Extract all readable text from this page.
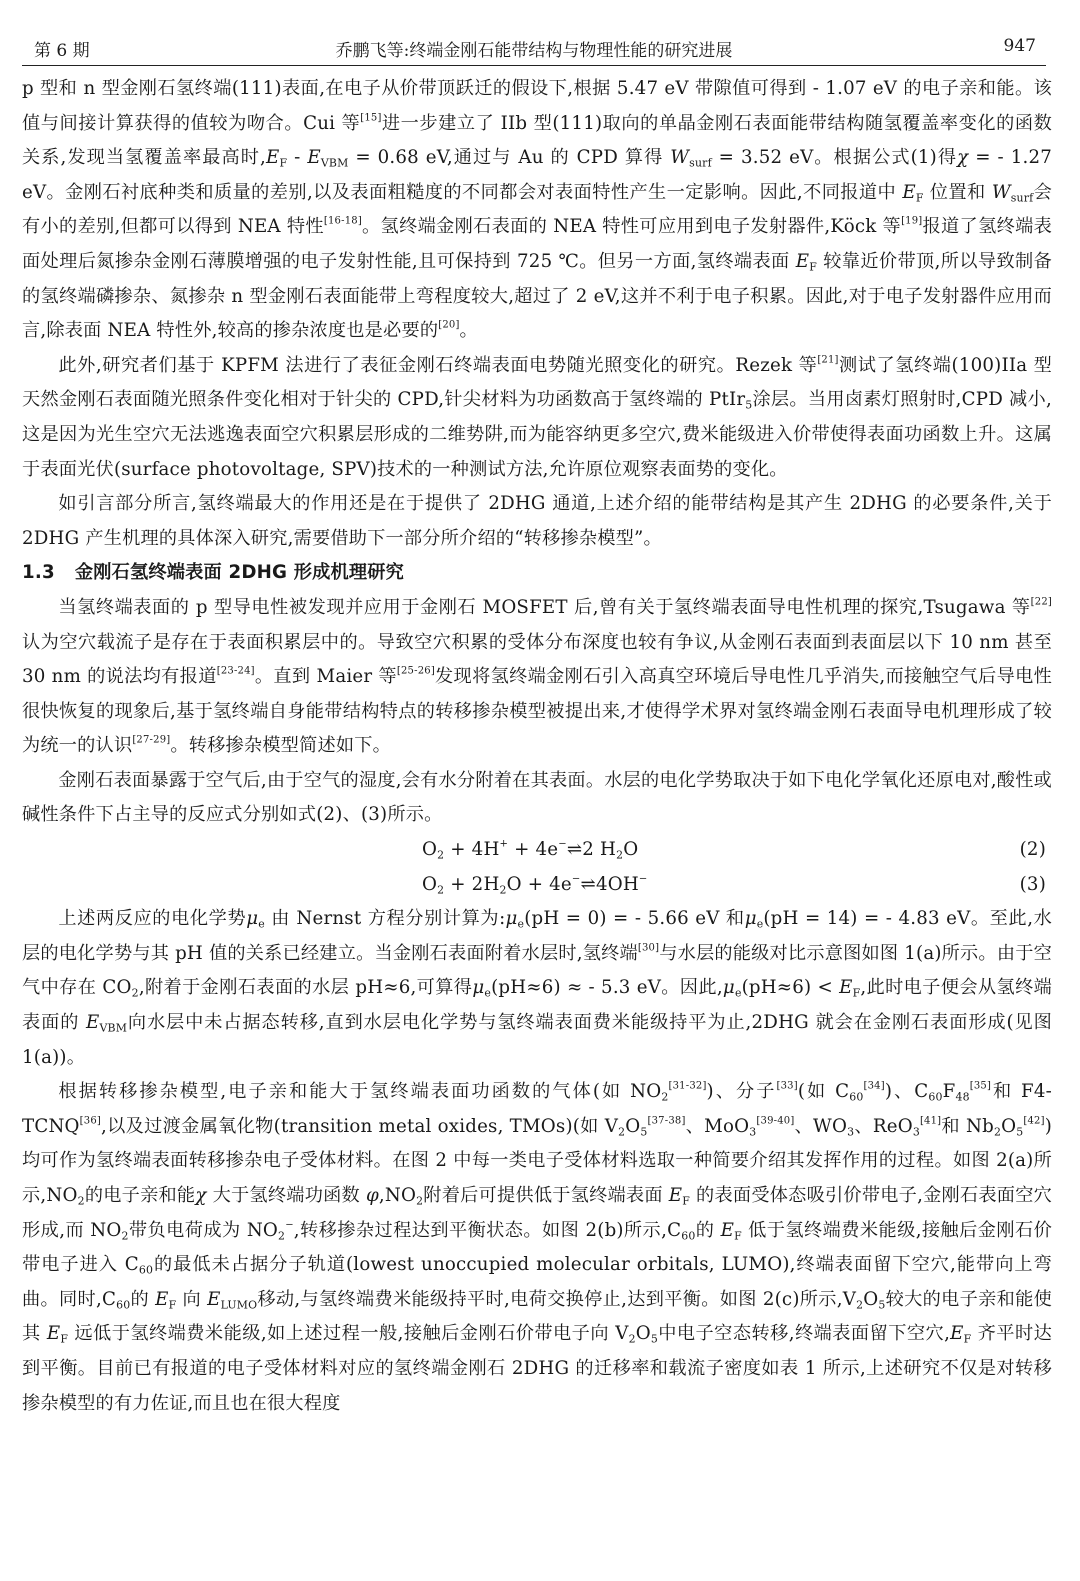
第 6 期	乔鹏飞等:终端金刚石能带结构与物理性能的研究进展	947

p 型和 n 型金刚石氢终端(111)表面,在电子从价带顶跃迁的假设下,根据 5.47 eV 带隙值可得到 - 1.07 eV 的电子亲和能。该值与间接计算获得的值较为吻合。Cui 等[15]进一步建立了 IIb 型(111)取向的单晶金刚石表面能带结构随氢覆盖率变化的函数关系,发现当氢覆盖率最高时$,E_F - E_{VBM} = 0.68$ eV,通过与 Au 的 CPD 算得 $W_{surf} = 3.52$ eV。根据公式(1)得χ = - 1.27 eV。金刚石衬底种类和质量的差别,以及表面粗糙度的不同都会对表面特性产生一定影响。因此,不同报道中 $E_F$ 位置和 $W_{surf}$会有小的差别,但都可以得到 NEA 特性[16-18]。氢终端金刚石表面的 NEA 特性可应用到电子发射器件,Köck 等[19]报道了氢终端表面处理后氮掺杂金刚石薄膜增强的电子发射性能,且可保持到 725 ℃。但另一方面,氢终端表面 $E_F$ 较靠近价带顶,所以导致制备的氢终端磷掺杂、氮掺杂 n 型金刚石表面能带上弯程度较大,超过了 2 eV,这并不利于电子积累。因此,对于电子发射器件应用而言,除表面 NEA 特性外,较高的掺杂浓度也是必要的[20]。

此外,研究者们基于 KPFM 法进行了表征金刚石终端表面电势随光照变化的研究。Rezek 等[21]测试了氢终端(100)IIa 型天然金刚石表面随光照条件变化相对于针尖的 CPD,针尖材料为功函数高于氢终端的 PtIr$_5$涂层。当用卤素灯照射时,CPD 减小,这是因为光生空穴无法逃逸表面空穴积累层形成的二维势阱,而为能容纳更多空穴,费米能级进入价带使得表面功函数上升。这属于表面光伏(surface photovoltage, SPV)技术的一种测试方法,允许原位观察表面势的变化。

如引言部分所言,氢终端最大的作用还是在于提供了 2DHG 通道,上述介绍的能带结构是其产生 2DHG 的必要条件,关于 2DHG 产生机理的具体深入研究,需要借助下一部分所介绍的“转移掺杂模型”。

1.3 金刚石氢终端表面 2DHG 形成机理研究

当氢终端表面的 p 型导电性被发现并应用于金刚石 MOSFET 后,曾有关于氢终端表面导电性机理的探究,Tsugawa 等[22]认为空穴载流子是存在于表面积累层中的。导致空穴积累的受体分布深度也较有争议,从金刚石表面到表面层以下 10 nm 甚至 30 nm 的说法均有报道[23-24]。直到 Maier 等[25-26]发现将氢终端金刚石引入高真空环境后导电性几乎消失,而接触空气后导电性很快恢复的现象后,基于氢终端自身能带结构特点的转移掺杂模型被提出来,才使得学术界对氢终端金刚石表面导电机理形成了较为统一的认识[27-29]。转移掺杂模型简述如下。

金刚石表面暴露于空气后,由于空气的湿度,会有水分附着在其表面。水层的电化学势取决于如下电化学氧化还原电对,酸性或碱性条件下占主导的反应式分别如式(2)、(3)所示。

$O_2 + 4H^+$ + 4e−⇌2 $H_2O$	(2)
$O_2 + 2H_2O$ + 4e−⇌4OH−	(3)

上述两反应的电化学势$\mu_e$ 由 Nernst 方程分别计算为$:\mu_e(pH = 0)$ = - 5.66 eV 和$\mu_e(pH = 14)$ = - 4.83 eV。至此,水层的电化学势与其 pH 值的关系已经建立。当金刚石表面附着水层时,氢终端[30]与水层的能级对比示意图如图 1(a)所示。由于空气中存在 $CO_2$,附着于金刚石表面的水层 pH≈6,可算得$\mu_e(pH\approx 6)$ ≈ - 5.3 eV。因此$,\mu_e(pH\approx 6) < E_F$,此时电子便会从氢终端表面的 $E_{VBM}$向水层中未占据态转移,直到水层电化学势与氢终端表面费米能级持平为止,2DHG 就会在金刚石表面形成(见图 1(a))。

根据转移掺杂模型,电子亲和能大于氢终端表面功函数的气体(如 $NO_2[31-32]$)、分子[33](如 $C_{60}[34]$)、$C_{60}F_{48}[35]$和 F4-TCNQ[36],以及过渡金属氧化物(transition metal oxides, TMOs)(如 $V_2O_5[37-38]$、MoO$_3$[39-40]、$WO_3$、ReO$_3$[41]和 $Nb_2O_5[42]$)均可作为氢终端表面转移掺杂电子受体材料。在图 2 中每一类电子受体材料选取一种简要介绍其发挥作用的过程。如图 2(a)所示$,NO_2$的电子亲和能χ 大于氢终端功函数 $\varphi,NO_2$附着后可提供低于氢终端表面 $E_F$ 的表面受体态吸引价带电子,金刚石表面空穴形成,而 $NO_2$带负电荷成为 $NO_2^-$,转移掺杂过程达到平衡状态。如图 2(b)所示$,C_{60}$的 $E_F$ 低于氢终端费米能级,接触后金刚石价带电子进入 $C_{60}$的最低未占据分子轨道(lowest unoccupied molecular orbitals, LUMO),终端表面留下空穴,能带向上弯曲。同时$,C_{60}$的 $E_F$ 向 $E_{LUMO}$移动,与氢终端费米能级持平时,电荷交换停止,达到平衡。如图 2(c)所示$,V_2O_5$较大的电子亲和能使其 $E_F$ 远低于氢终端费米能级,如上述过程一般,接触后金刚石价带电子向 $V_2O_5$中电子空态转移,终端表面留下空穴$,E_F$ 齐平时达到平衡。目前已有报道的电子受体材料对应的氢终端金刚石 2DHG 的迁移率和载流子密度如表 1 所示,上述研究不仅是对转移掺杂模型的有力佐证,而且也在很大程度
